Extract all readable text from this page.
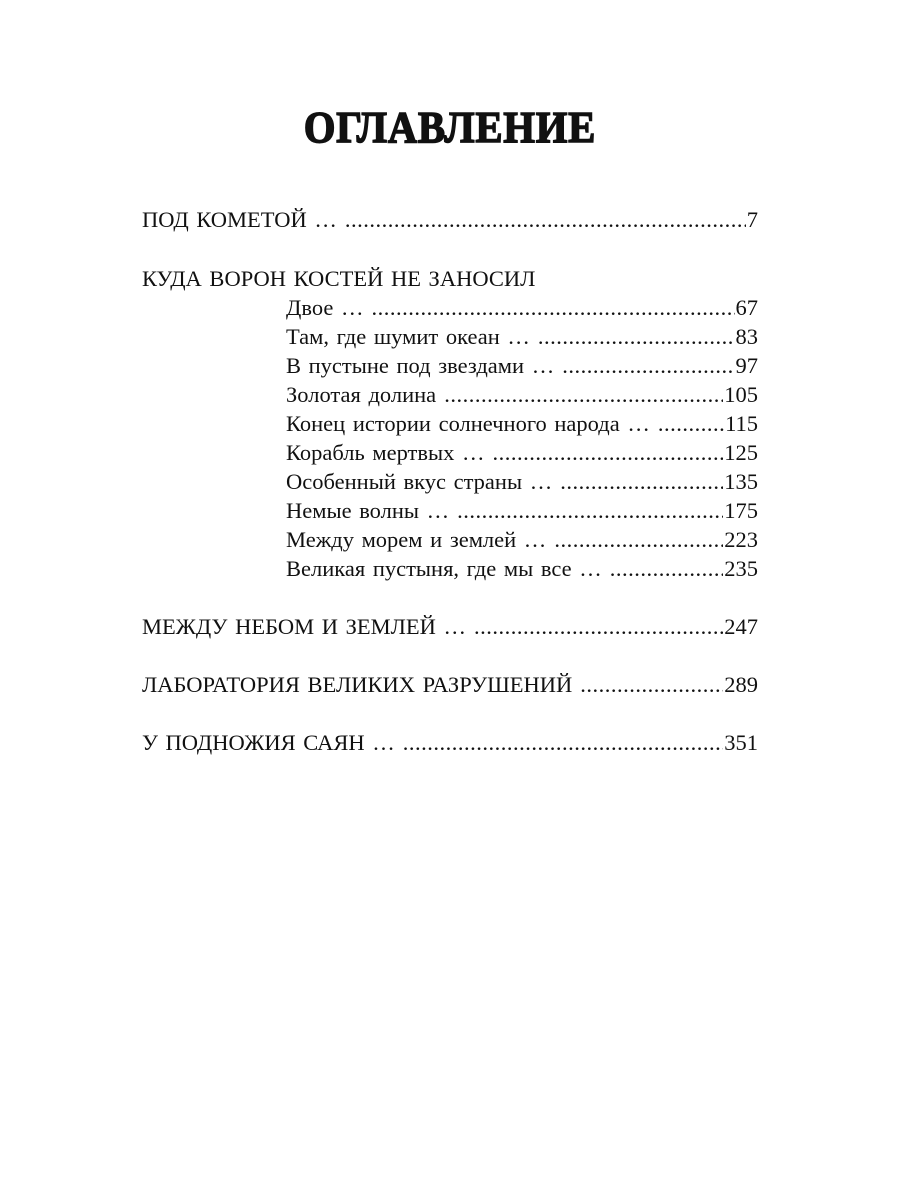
ОГЛАВЛЕНИЕ
ПОД КОМЕТОЙ … .....	7
КУДА ВОРОН КОСТЕЙ НЕ ЗАНОСИЛ
Двое … .....	67
Там, где шумит океан … .....	83
В пустыне под звездами … .....	97
Золотая долина .....	105
Конец истории солнечного народа … .....	115
Корабль мертвых … .....	125
Особенный вкус страны … .....	135
Немые волны … .....	175
Между морем и землей … .....	223
Великая пустыня, где мы все … .....	235
МЕЖДУ НЕБОМ И ЗЕМЛЕЙ … .....	247
ЛАБОРАТОРИЯ ВЕЛИКИХ РАЗРУШЕНИЙ .....	289
У ПОДНОЖИЯ САЯН … .....	351
